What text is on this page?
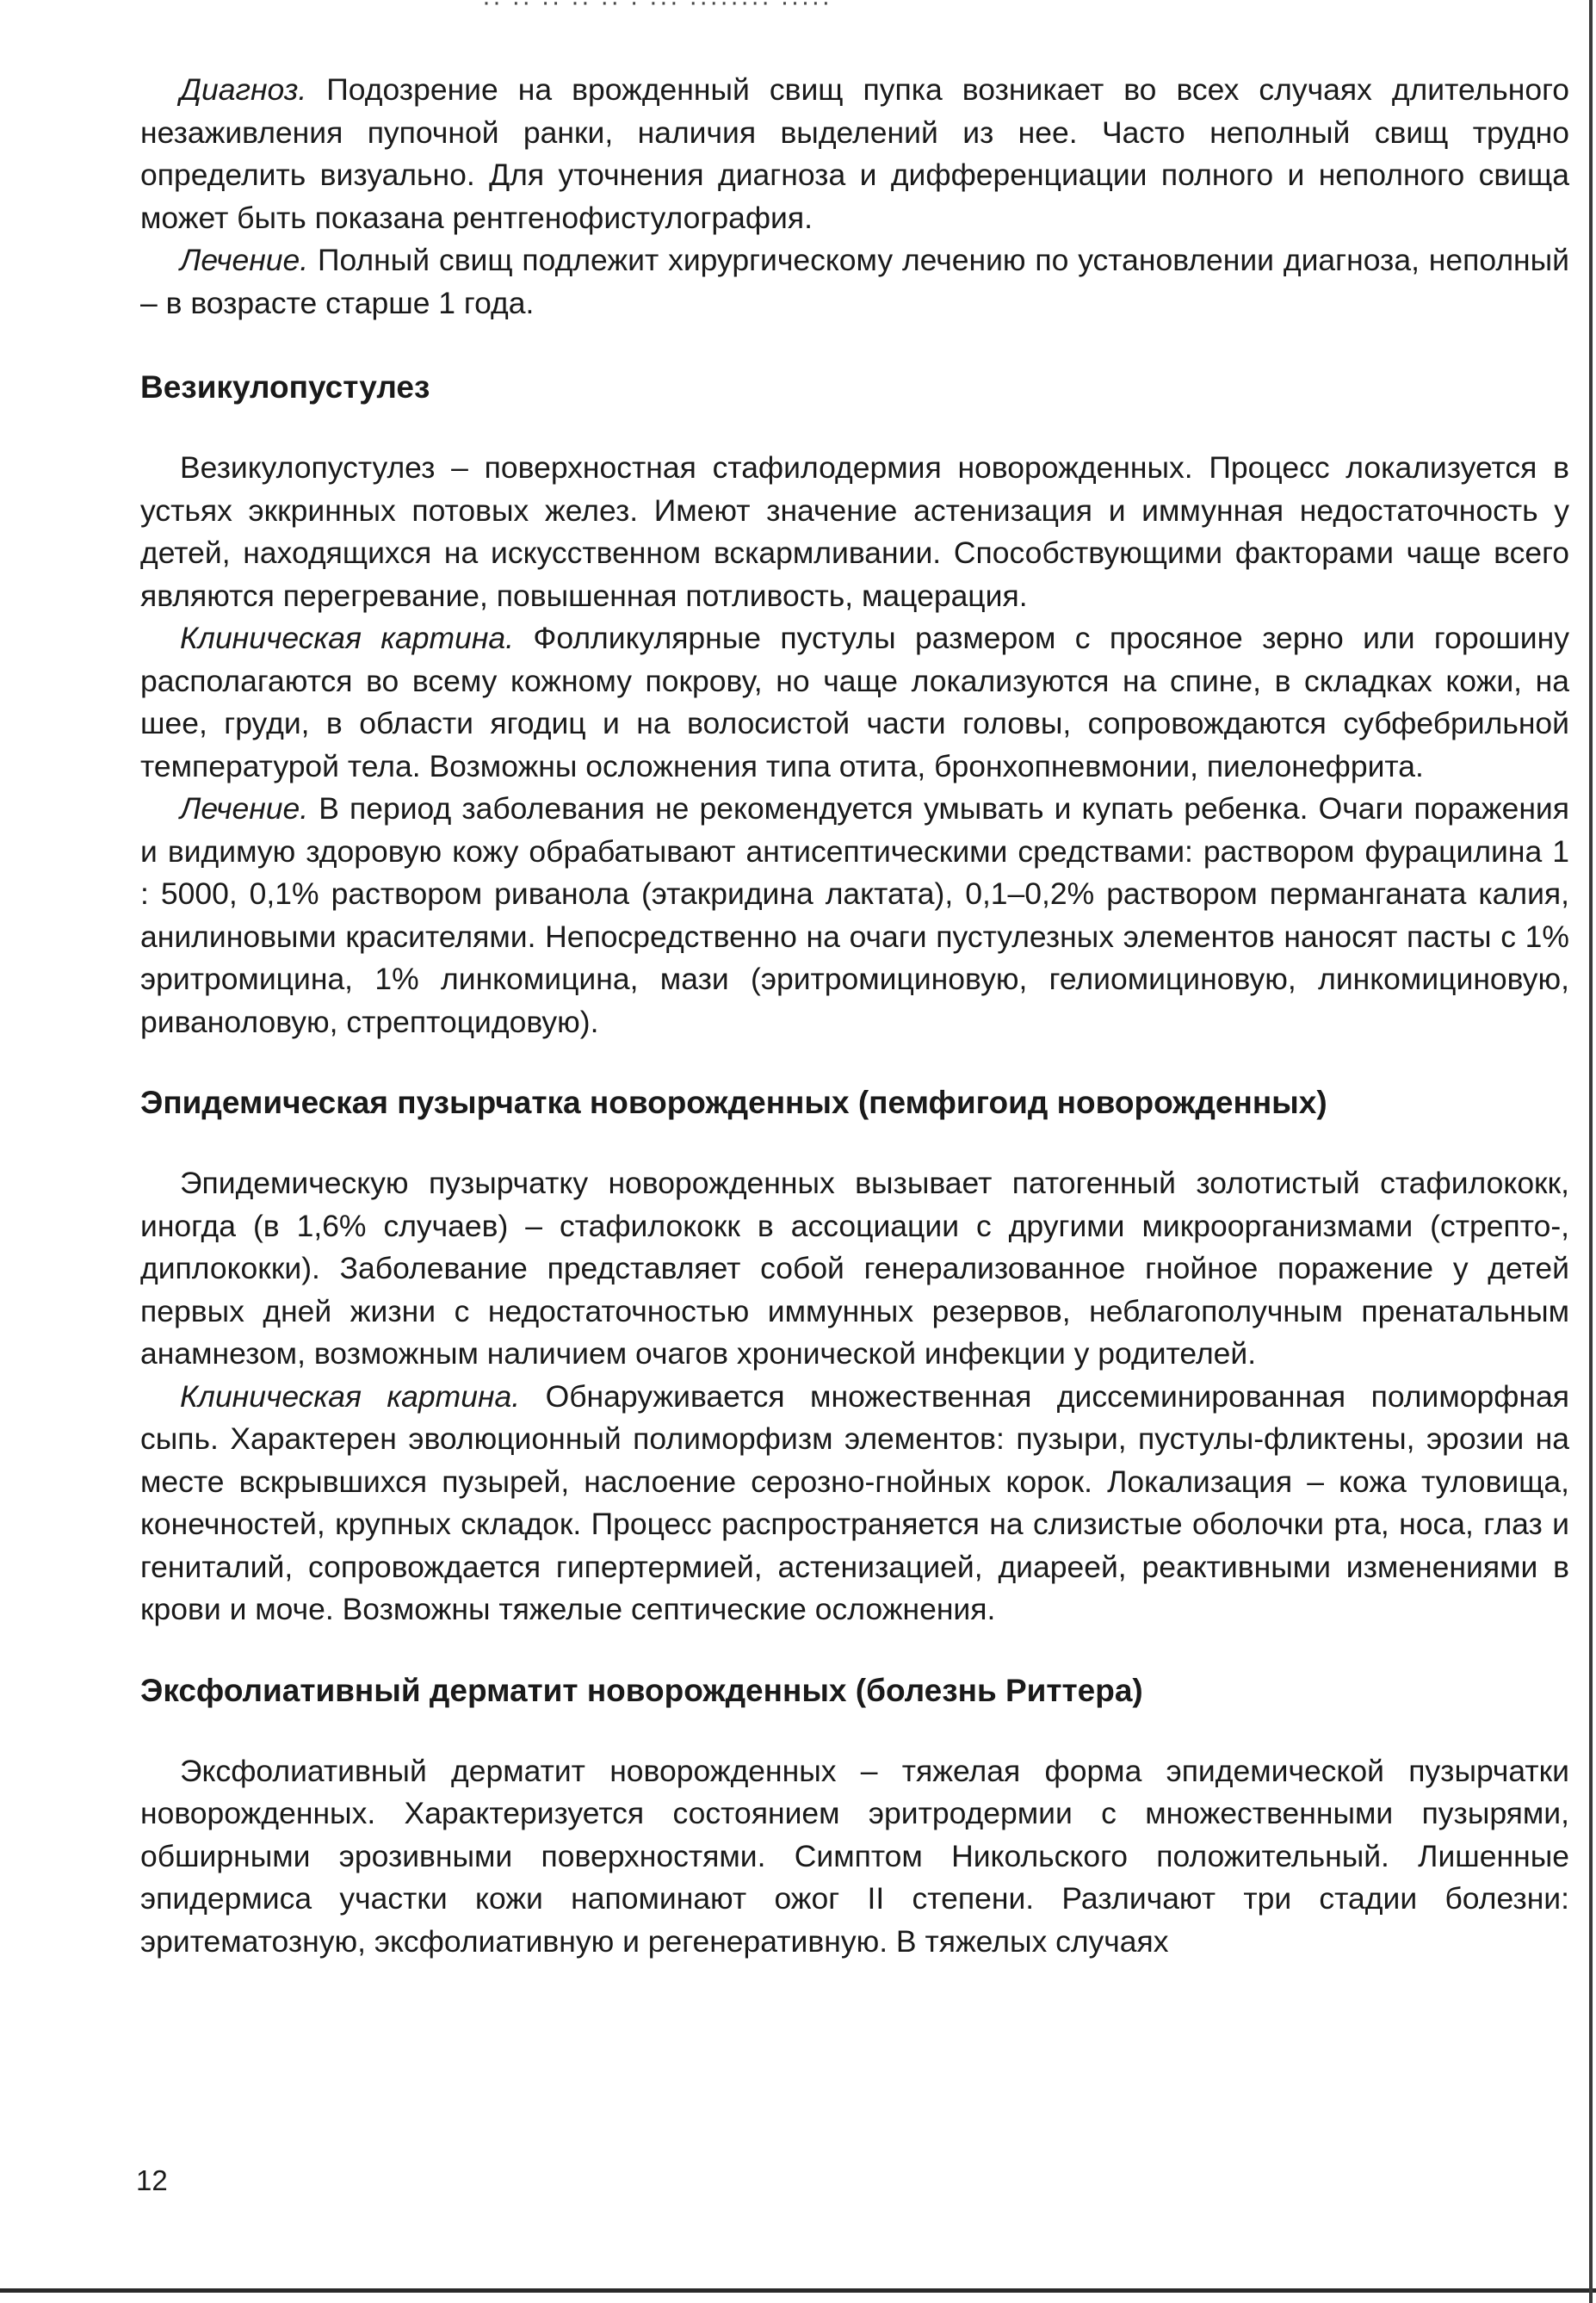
·· ·· ·· ·· ·· · ··· ········ ·····

Диагноз. Подозрение на врожденный свищ пупка возникает во всех случаях длительного незаживления пупочной ранки, наличия выделений из нее. Часто неполный свищ трудно определить визуально. Для уточнения диагноза и дифференциации полного и неполного свища может быть показана рентгенофистулография.

Лечение. Полный свищ подлежит хирургическому лечению по установлении диагноза, неполный – в возрасте старше 1 года.

Везикулопустулез

Везикулопустулез – поверхностная стафилодермия новорожденных. Процесс локализуется в устьях эккринных потовых желез. Имеют значение астенизация и иммунная недостаточность у детей, находящихся на искусственном вскармливании. Способствующими факторами чаще всего являются перегревание, повышенная потливость, мацерация.

Клиническая картина. Фолликулярные пустулы размером с просяное зерно или горошину располагаются во всему кожному покрову, но чаще локализуются на спине, в складках кожи, на шее, груди, в области ягодиц и на волосистой части головы, сопровождаются субфебрильной температурой тела. Возможны осложнения типа отита, бронхопневмонии, пиелонефрита.

Лечение. В период заболевания не рекомендуется умывать и купать ребенка. Очаги поражения и видимую здоровую кожу обрабатывают антисептическими средствами: раствором фурацилина 1 : 5000, 0,1% раствором риванола (этакридина лактата), 0,1–0,2% раствором перманганата калия, анилиновыми красителями. Непосредственно на очаги пустулезных элементов наносят пасты с 1% эритромицина, 1% линкомицина, мази (эритромициновую, гелиомициновую, линкомициновую, риваноловую, стрептоцидовую).

Эпидемическая пузырчатка новорожденных (пемфигоид новорожденных)

Эпидемическую пузырчатку новорожденных вызывает патогенный золотистый стафилококк, иногда (в 1,6% случаев) – стафилококк в ассоциации с другими микроорганизмами (стрепто-, диплококки). Заболевание представляет собой генерализованное гнойное поражение у детей первых дней жизни с недостаточностью иммунных резервов, неблагополучным пренатальным анамнезом, возможным наличием очагов хронической инфекции у родителей.

Клиническая картина. Обнаруживается множественная диссеминированная полиморфная сыпь. Характерен эволюционный полиморфизм элементов: пузыри, пустулы-фликтены, эрозии на месте вскрывшихся пузырей, наслоение серозно-гнойных корок. Локализация – кожа туловища, конечностей, крупных складок. Процесс распространяется на слизистые оболочки рта, носа, глаз и гениталий, сопровождается гипертермией, астенизацией, диареей, реактивными изменениями в крови и моче. Возможны тяжелые септические осложнения.

Эксфолиативный дерматит новорожденных (болезнь Риттера)

Эксфолиативный дерматит новорожденных – тяжелая форма эпидемической пузырчатки новорожденных. Характеризуется состоянием эритродермии с множественными пузырями, обширными эрозивными поверхностями. Симптом Никольского положительный. Лишенные эпидермиса участки кожи напоминают ожог II степени. Различают три стадии болезни: эритематозную, эксфолиативную и регенеративную. В тяжелых случаях

12
